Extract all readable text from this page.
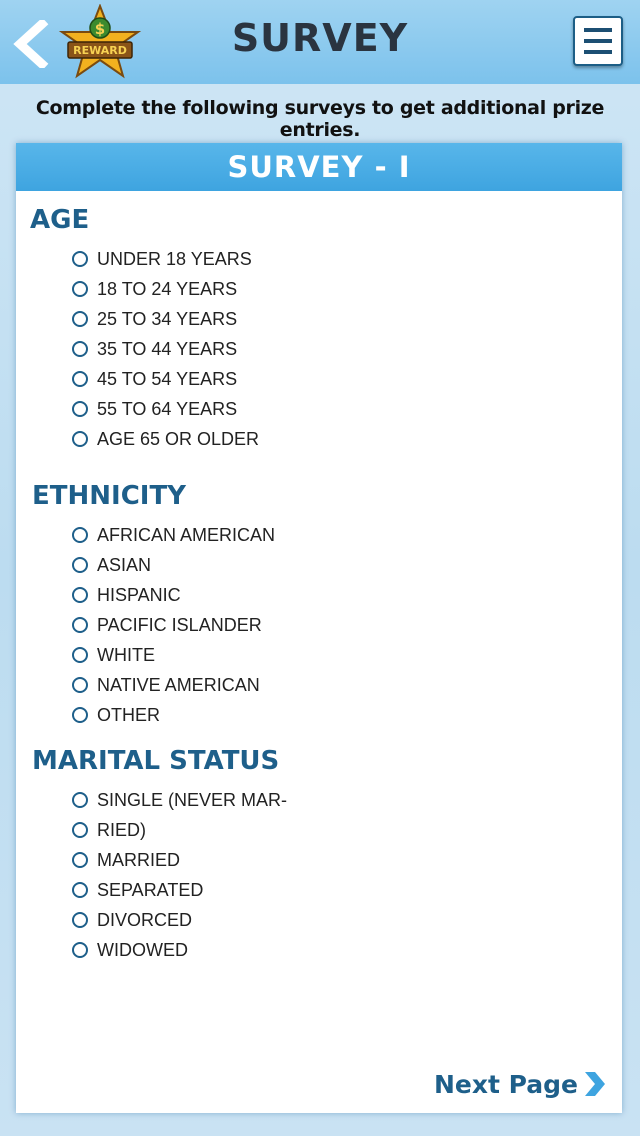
REWARD
$	SURVEY
Complete the following surveys to get additional prize entries.
SURVEY - I
AGE
UNDER 18 YEARS
18 TO 24 YEARS
25 TO 34 YEARS
35 TO 44 YEARS
45 TO 54 YEARS
55 TO 64 YEARS
AGE 65 OR OLDER
ETHNICITY
AFRICAN AMERICAN
ASIAN
HISPANIC
PACIFIC ISLANDER
WHITE
NATIVE AMERICAN
OTHER
MARITAL STATUS
SINGLE (NEVER MAR-
RIED)
MARRIED
SEPARATED
DIVORCED
WIDOWED
Next Page
